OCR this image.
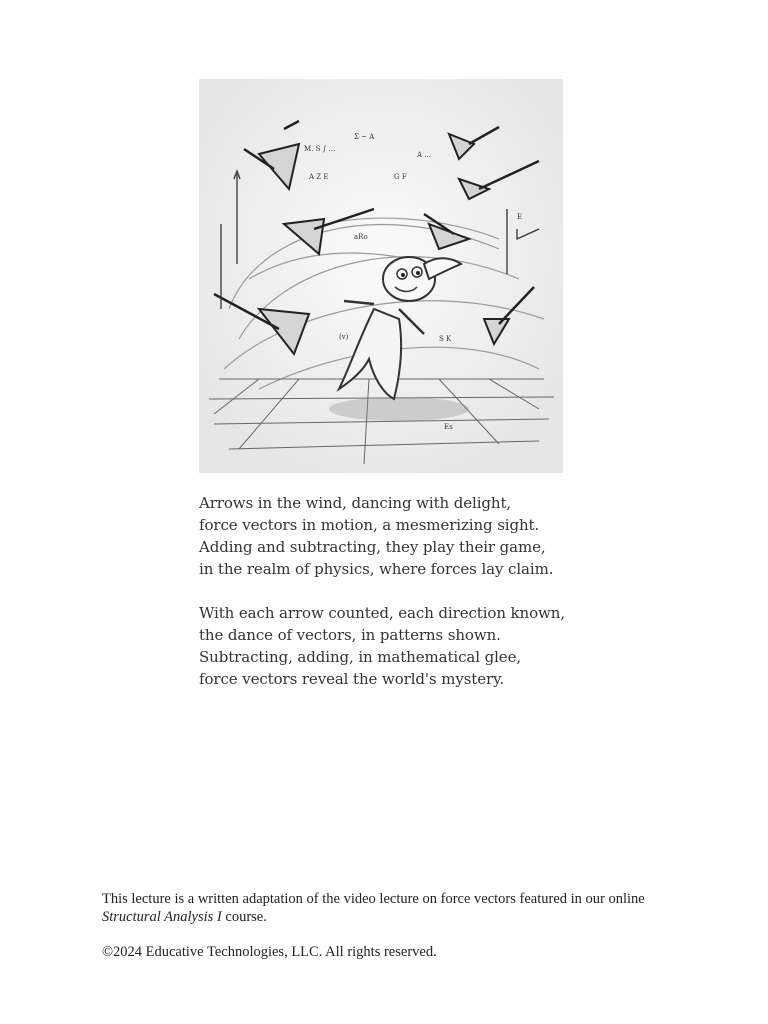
M. S ∫ ...
Σ ~ A
A Z E	G F
A ...
(v)	S K
Es
aRo
E
Arrows in the wind, dancing with delight,
force vectors in motion, a mesmerizing sight.
Adding and subtracting, they play their game,
in the realm of physics, where forces lay claim.
With each arrow counted, each direction known,
the dance of vectors, in patterns shown.
Subtracting, adding, in mathematical glee,
force vectors reveal the world's mystery.

This lecture is a written adaptation of the video lecture on force vectors featured in our online Structural Analysis I course.

©2024 Educative Technologies, LLC. All rights reserved.
